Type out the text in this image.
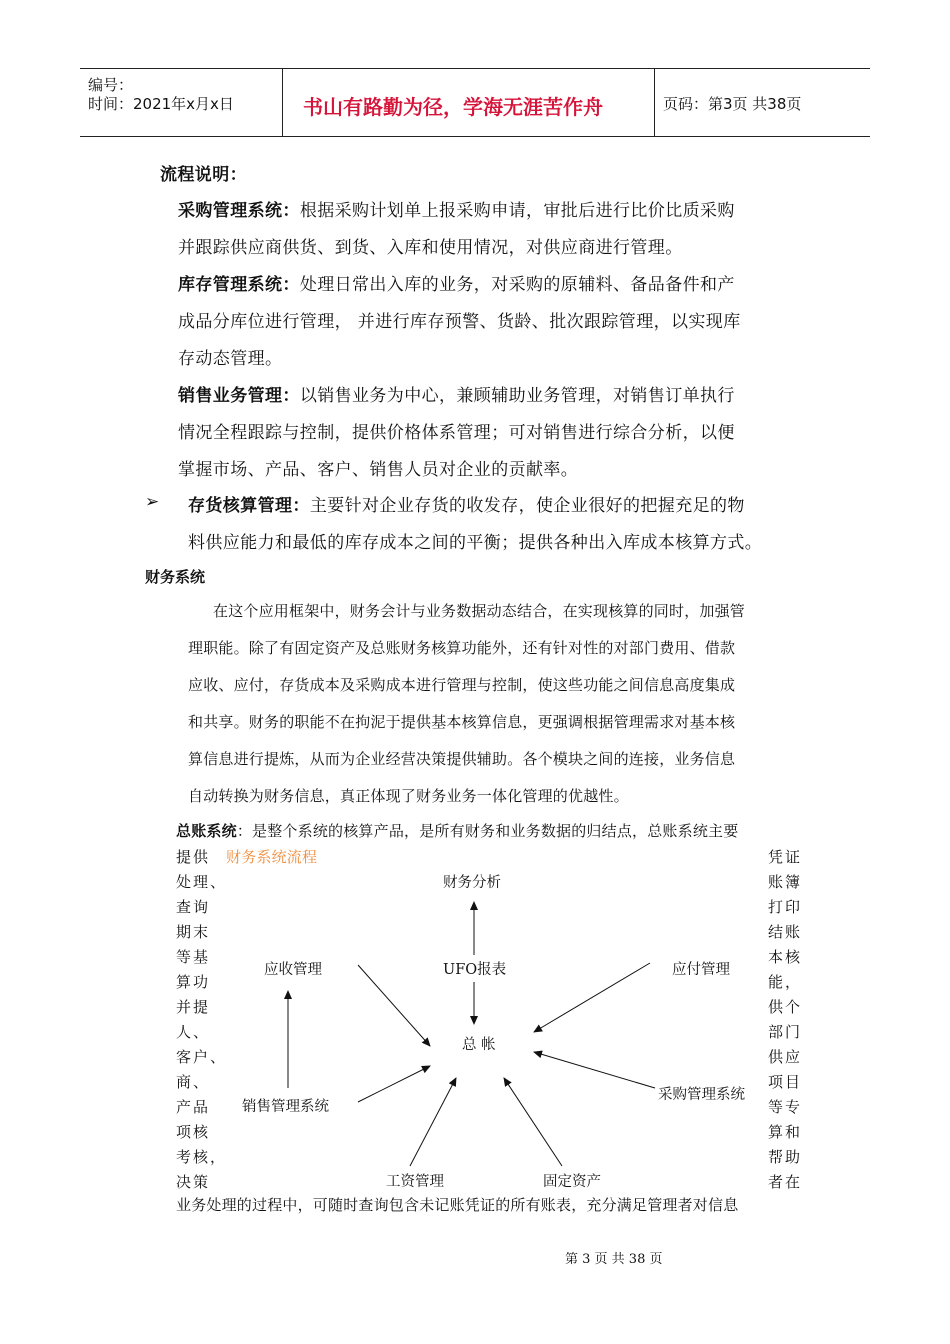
编号：
时间：2021年x月x日	书山有路勤为径，学海无涯苦作舟	页码：第3页 共38页
流程说明：
采购管理系统：根据采购计划单上报采购申请，审批后进行比价比质采购
并跟踪供应商供货、到货、入库和使用情况，对供应商进行管理。
库存管理系统：处理日常出入库的业务，对采购的原辅料、备品备件和产
成品分库位进行管理， 并进行库存预警、货龄、批次跟踪管理，以实现库
存动态管理。
销售业务管理：以销售业务为中心，兼顾辅助业务管理，对销售订单执行
情况全程跟踪与控制，提供价格体系管理；可对销售进行综合分析，以便
掌握市场、产品、客户、销售人员对企业的贡献率。
➢ 存货核算管理：主要针对企业存货的收发存，使企业很好的把握充足的物
料供应能力和最低的库存成本之间的平衡；提供各种出入库成本核算方式。
财务系统
在这个应用框架中，财务会计与业务数据动态结合，在实现核算的同时，加强管
理职能。除了有固定资产及总账财务核算功能外，还有针对性的对部门费用、借款
应收、应付，存货成本及采购成本进行管理与控制，使这些功能之间信息高度集成
和共享。财务的职能不在拘泥于提供基本核算信息，更强调根据管理需求对基本核
算信息进行提炼，从而为企业经营决策提供辅助。各个模块之间的连接，业务信息
自动转换为财务信息，真正体现了财务业务一体化管理的优越性。
总账系统：是整个系统的核算产品，是所有财务和业务数据的归结点，总账系统主要
提供
处理、
查询
期末
等基
算功
并提
人、
客户、
商、
产品
项核
考核，
决策
凭证
账簿
打印
结账
本核
能，
供个
部门
供应
项目
等专
算和
帮助
者在
财务系统流程
财务分析
UFO报表
应收管理	应付管理
总 帐
销售管理系统
采购管理系统
工资管理	固定资产
业务处理的过程中，可随时查询包含未记账凭证的所有账表，充分满足管理者对信息
第 3 页 共 38 页
